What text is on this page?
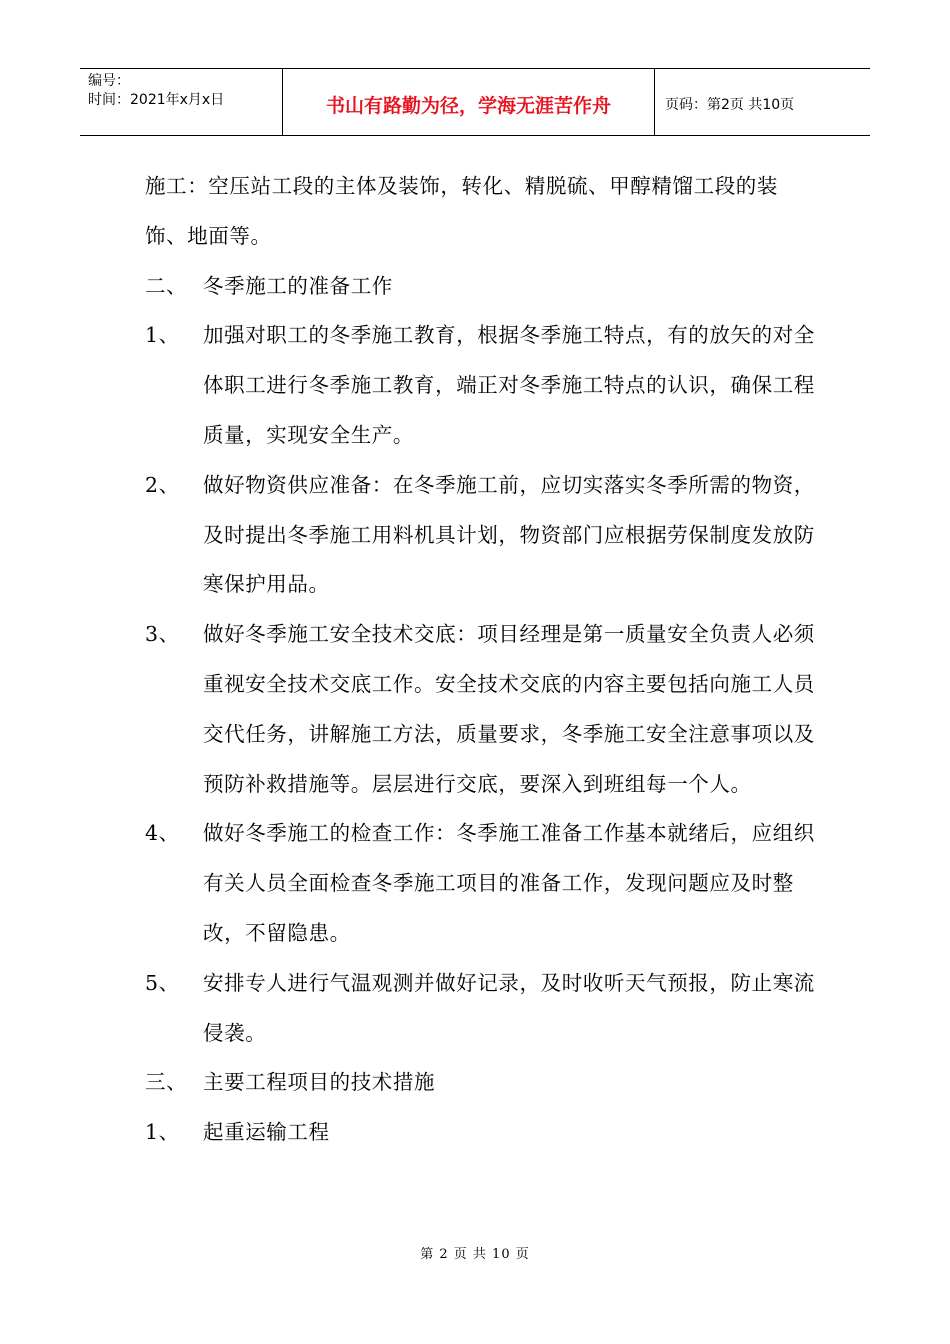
编号：
时间：2021年x月x日	书山有路勤为径，学海无涯苦作舟	页码：第2页 共10页

施工：空压站工段的主体及装饰，转化、精脱硫、甲醇精馏工段的装饰、地面等。

二、 冬季施工的准备工作
1、	加强对职工的冬季施工教育，根据冬季施工特点，有的放矢的对全体职工进行冬季施工教育，端正对冬季施工特点的认识，确保工程质量，实现安全生产。
2、	做好物资供应准备：在冬季施工前，应切实落实冬季所需的物资，及时提出冬季施工用料机具计划，物资部门应根据劳保制度发放防寒保护用品。
3、	做好冬季施工安全技术交底：项目经理是第一质量安全负责人必须重视安全技术交底工作。安全技术交底的内容主要包括向施工人员交代任务，讲解施工方法，质量要求，冬季施工安全注意事项以及预防补救措施等。层层进行交底，要深入到班组每一个人。
4、	做好冬季施工的检查工作：冬季施工准备工作基本就绪后，应组织有关人员全面检查冬季施工项目的准备工作，发现问题应及时整改，不留隐患。
5、	安排专人进行气温观测并做好记录，及时收听天气预报，防止寒流侵袭。
三、 主要工程项目的技术措施
1、	起重运输工程
第 2 页 共 10 页
